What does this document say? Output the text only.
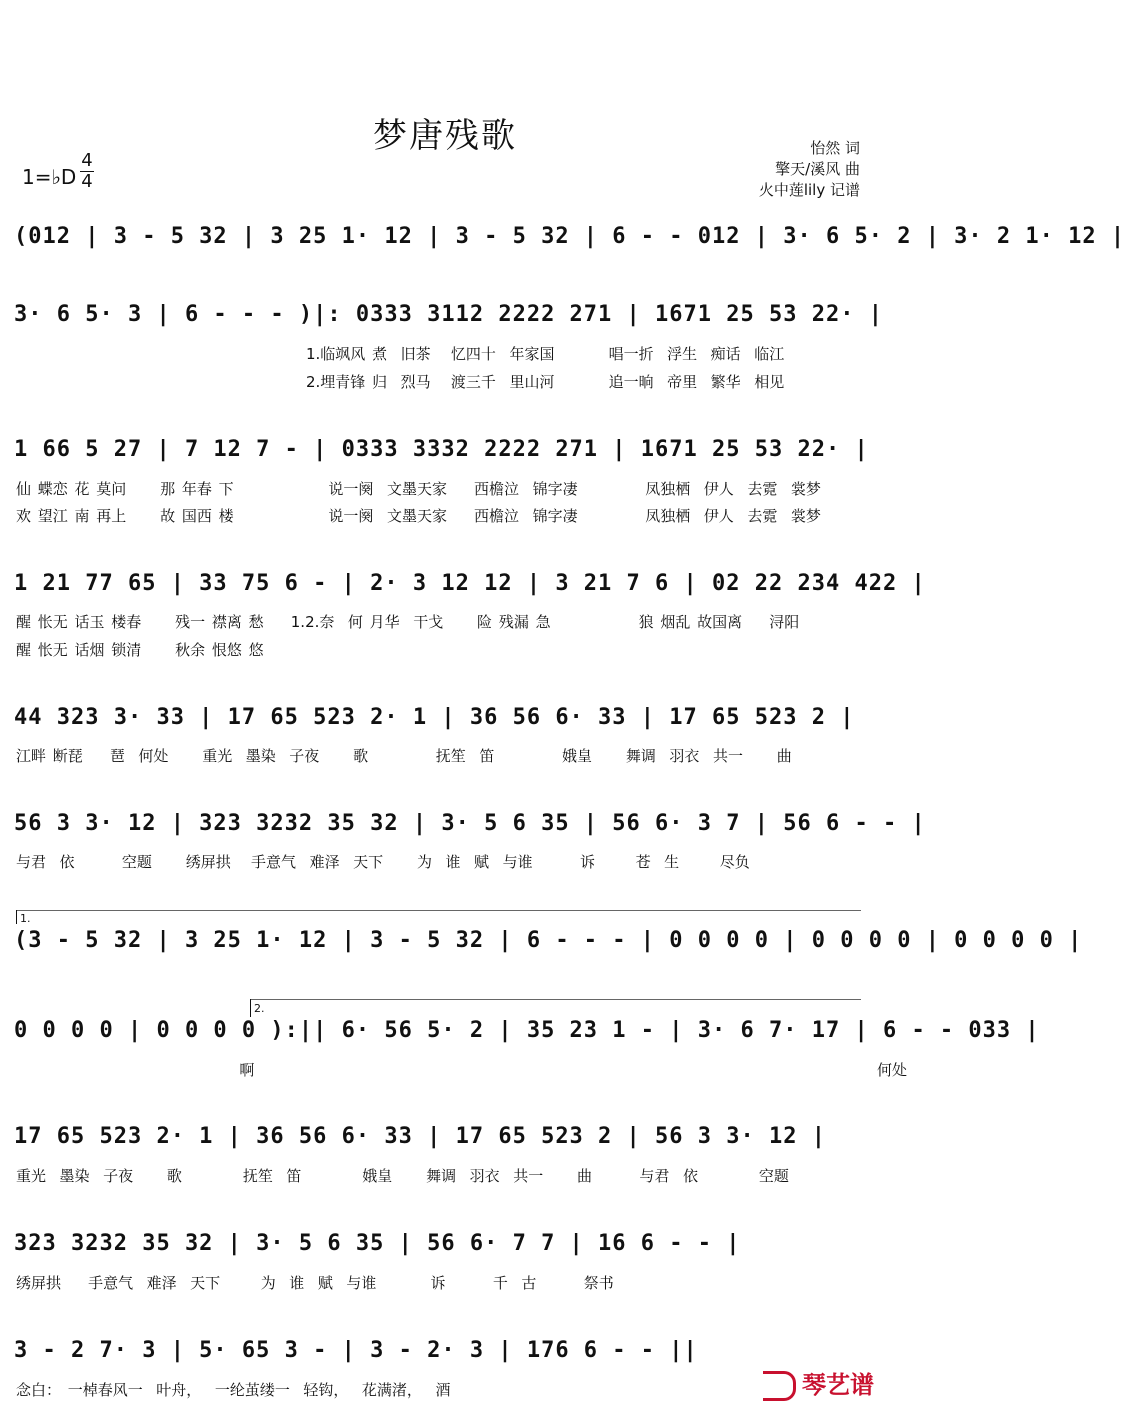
梦唐残歌	怡然 词
擎天/溪风 曲
火中莲lily 记谱
1=♭D
4
4
(012 | 3 - 5 32 | 3 25 1· 12 | 3 - 5 32 | 6 - - 012 | 3· 6 5· 2 | 3· 2 1· 12 |
3· 6 5· 3 | 6 - - - )|: 0333 3112 2222 271 | 1671 25 53 22· |
1.临飒风 煮  旧茶   忆四十  年家国        唱一折  浮生  痴话  临江
2.埋青锋 归  烈马   渡三千  里山河        追一晌  帝里  繁华  相见
1 66 5 27 | 7 12 7 - | 0333 3332 2222 271 | 1671 25 53 22· |
仙 蝶恋 花 莫问     那 年春 下              说一阕  文墨天家    西檐泣  锦字凄          凤独栖  伊人  去霓  裳梦
欢 望江 南 再上     故 国西 楼              说一阕  文墨天家    西檐泣  锦字凄          凤独栖  伊人  去霓  裳梦
1 21 77 65 | 33 75 6 - | 2· 3 12 12 | 3 21 7 6 | 02 22 234 422 |
醒 怅无 话玉 楼春     残一 襟离 愁    1.2.奈  何 月华  干戈     险 残漏 急             狼 烟乱 故国离    浔阳
醒 怅无 话烟 锁清     秋余 恨悠 悠
44 323 3· 33 | 17 65 523 2· 1 | 36 56 6· 33 | 17 65 523 2 |
江畔 断琵    琶  何处     重光  墨染  子夜     歌          抚笙  笛          娥皇     舞调  羽衣  共一     曲
56 3 3· 12 | 323 3232 35 32 | 3· 5 6 35 | 56 6· 3 7 | 56 6 - - |
与君  依       空题     绣屏拱   手意气  难泽  天下     为  谁  赋  与谁       诉      苍  生      尽负
1.
(3 - 5 32 | 3 25 1· 12 | 3 - 5 32 | 6 - - - | 0 0 0 0 | 0 0 0 0 | 0 0 0 0 |
2.
0 0 0 0 | 0 0 0 0 ):|| 6· 56 5· 2 | 35 23 1 - | 3· 6 7· 17 | 6 - - 033 |
啊                                                                                            何处
17 65 523 2· 1 | 36 56 6· 33 | 17 65 523 2 | 56 3 3· 12 |
重光  墨染  子夜     歌         抚笙  笛         娥皇     舞调  羽衣  共一     曲       与君  依         空题
323 3232 35 32 | 3· 5 6 35 | 56 6· 7 7 | 16 6 - - |
绣屏拱    手意气  难泽  天下      为  谁  赋  与谁        诉       千  古       祭书
3 - 2 7· 3 | 5· 65 3 - | 3 - 2· 3 | 176 6 - - ||
念白： 一棹春风一  叶舟，  一纶茧缕一  轻钩，  花满渚，  酒	琴艺谱
